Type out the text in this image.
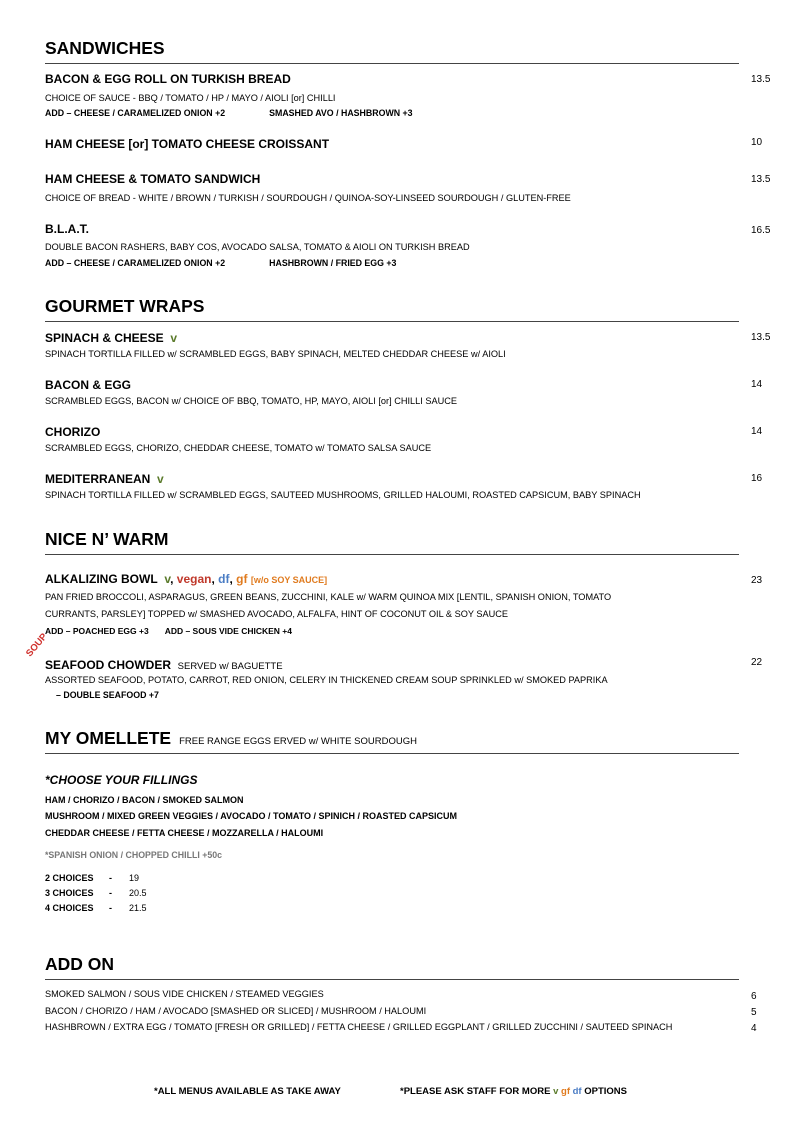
SANDWICHES
BACON & EGG ROLL ON TURKISH BREAD	13.5
CHOICE OF SAUCE - BBQ / TOMATO / HP / MAYO / AIOLI [or] CHILLI
ADD – CHEESE / CARAMELIZED ONION +2	SMASHED AVO / HASHBROWN +3
HAM CHEESE [or] TOMATO CHEESE CROISSANT	10
HAM CHEESE & TOMATO SANDWICH	13.5
CHOICE OF BREAD - WHITE / BROWN / TURKISH / SOURDOUGH / QUINOA-SOY-LINSEED SOURDOUGH / GLUTEN-FREE
B.L.A.T.	16.5
DOUBLE BACON RASHERS, BABY COS, AVOCADO SALSA, TOMATO & AIOLI ON TURKISH BREAD
ADD – CHEESE / CARAMELIZED ONION +2	HASHBROWN / FRIED EGG +3
GOURMET WRAPS
SPINACH & CHEESE v	13.5
SPINACH TORTILLA FILLED w/ SCRAMBLED EGGS, BABY SPINACH, MELTED CHEDDAR CHEESE w/ AIOLI
BACON & EGG	14
SCRAMBLED EGGS, BACON w/ CHOICE OF BBQ, TOMATO, HP, MAYO, AIOLI [or] CHILLI SAUCE
CHORIZO	14
SCRAMBLED EGGS, CHORIZO, CHEDDAR CHEESE, TOMATO w/ TOMATO SALSA SAUCE
MEDITERRANEAN v	16
SPINACH TORTILLA FILLED w/ SCRAMBLED EGGS, SAUTEED MUSHROOMS, GRILLED HALOUMI, ROASTED CAPSICUM, BABY SPINACH
NICE N’ WARM
ALKALIZING BOWL v, vegan, df, gf [w/o SOY SAUCE]	23
PAN FRIED BROCCOLI, ASPARAGUS, GREEN BEANS, ZUCCHINI, KALE w/ WARM QUINOA MIX [LENTIL, SPANISH ONION, TOMATO
CURRANTS, PARSLEY] TOPPED w/ SMASHED AVOCADO, ALFALFA, HINT OF COCONUT OIL & SOY SAUCE
ADD – POACHED EGG +3 ADD – SOUS VIDE CHICKEN +4
SOUP
SEAFOOD CHOWDER SERVED w/ BAGUETTE	22
ASSORTED SEAFOOD, POTATO, CARROT, RED ONION, CELERY IN THICKENED CREAM SOUP SPRINKLED w/ SMOKED PAPRIKA
– DOUBLE SEAFOOD +7
MY OMELLETE FREE RANGE EGGS ERVED w/ WHITE SOURDOUGH
*CHOOSE YOUR FILLINGS
HAM / CHORIZO / BACON / SMOKED SALMON
MUSHROOM / MIXED GREEN VEGGIES / AVOCADO / TOMATO / SPINICH / ROASTED CAPSICUM
CHEDDAR CHEESE / FETTA CHEESE / MOZZARELLA / HALOUMI
*SPANISH ONION / CHOPPED CHILLI +50c
2 CHOICES - 19
3 CHOICES - 20.5
4 CHOICES - 21.5
ADD ON
SMOKED SALMON / SOUS VIDE CHICKEN / STEAMED VEGGIES	6
BACON / CHORIZO / HAM / AVOCADO [SMASHED OR SLICED] / MUSHROOM / HALOUMI	5
HASHBROWN / EXTRA EGG / TOMATO [FRESH OR GRILLED] / FETTA CHEESE / GRILLED EGGPLANT / GRILLED ZUCCHINI / SAUTEED SPINACH	4
*ALL MENUS AVAILABLE AS TAKE AWAY	*PLEASE ASK STAFF FOR MORE v gf df OPTIONS
